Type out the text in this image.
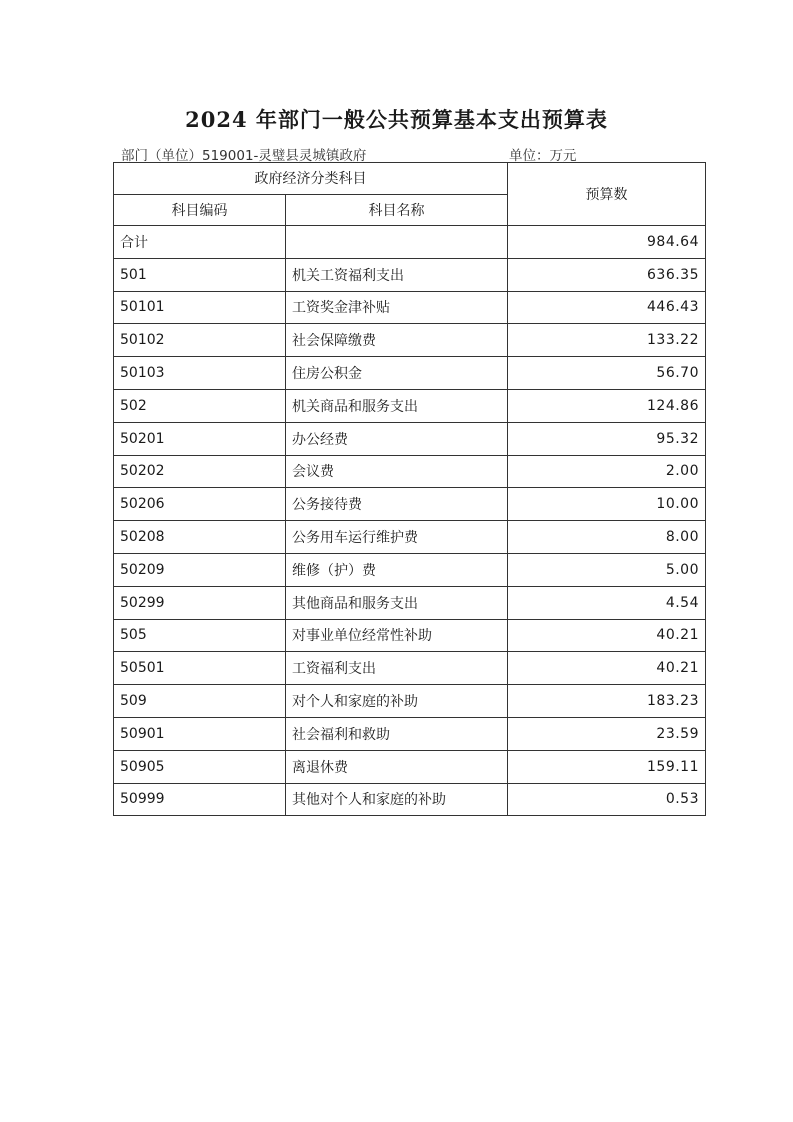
2024 年部门一般公共预算基本支出预算表
部门（单位）519001-灵璧县灵城镇政府	单位：万元
政府经济分类科目		预算数
科目编码	科目名称	
合计		984.64
501	机关工资福利支出	636.35
50101	工资奖金津补贴	446.43
50102	社会保障缴费	133.22
50103	住房公积金	56.70
502	机关商品和服务支出	124.86
50201	办公经费	95.32
50202	会议费	2.00
50206	公务接待费	10.00
50208	公务用车运行维护费	8.00
50209	维修（护）费	5.00
50299	其他商品和服务支出	4.54
505	对事业单位经常性补助	40.21
50501	工资福利支出	40.21
509	对个人和家庭的补助	183.23
50901	社会福利和救助	23.59
50905	离退休费	159.11
50999	其他对个人和家庭的补助	0.53
